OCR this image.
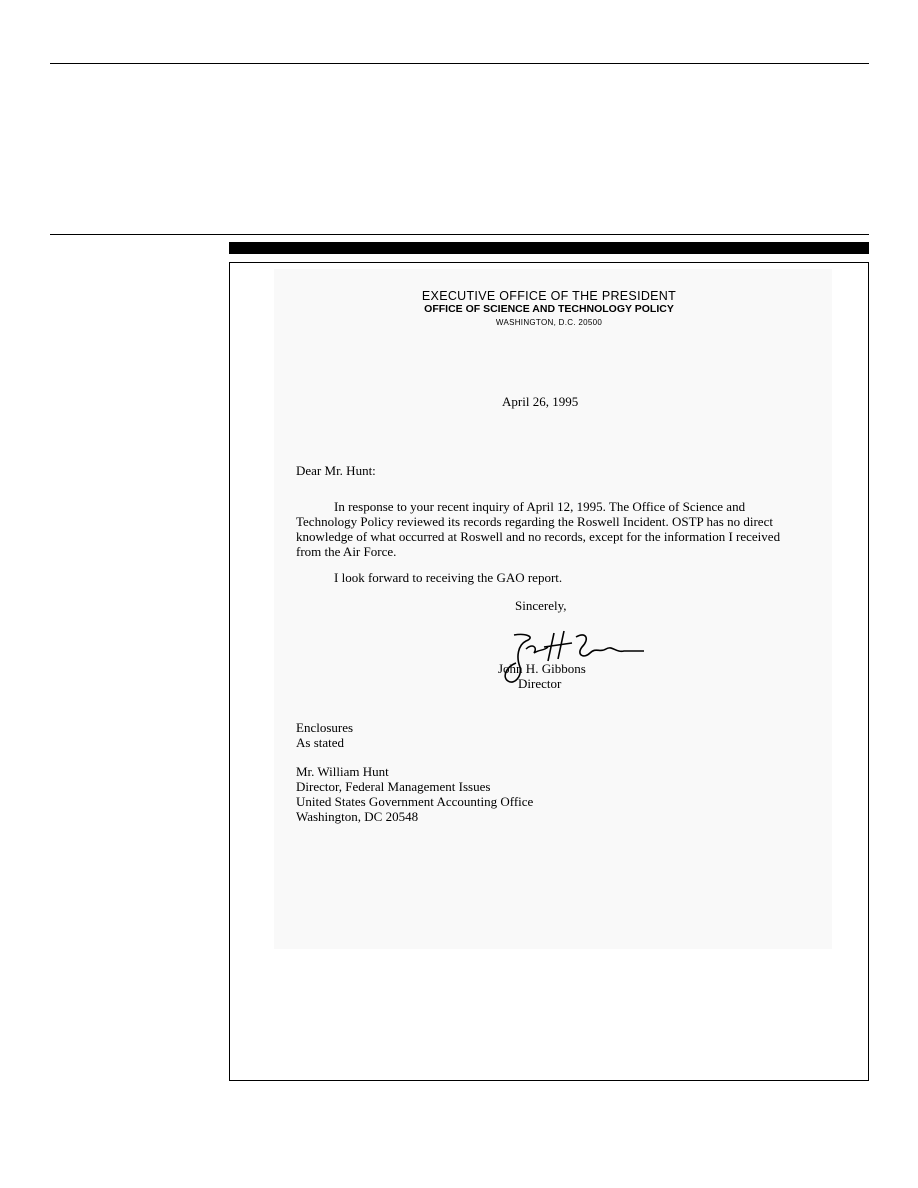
EXECUTIVE OFFICE OF THE PRESIDENT
OFFICE OF SCIENCE AND TECHNOLOGY POLICY
WASHINGTON, D.C. 20500
April 26, 1995
Dear Mr. Hunt:
In response to your recent inquiry of April 12, 1995. The Office of Science and Technology Policy reviewed its records regarding the Roswell Incident. OSTP has no direct knowledge of what occurred at Roswell and no records, except for the information I received from the Air Force.
I look forward to receiving the GAO report.
Sincerely,
John H. Gibbons
Director
Enclosures
As stated
Mr. William Hunt
Director, Federal Management Issues
United States Government Accounting Office
Washington, DC 20548
